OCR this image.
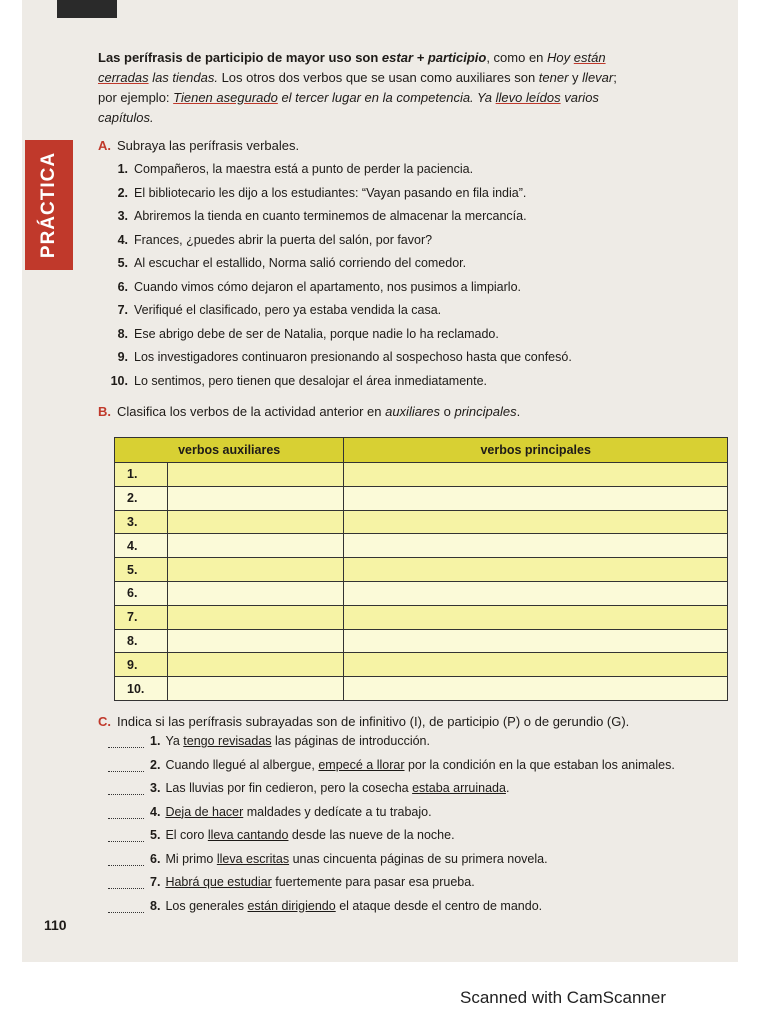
Las perífrasis de participio de mayor uso son estar + participio, como en Hoy están cerradas las tiendas. Los otros dos verbos que se usan como auxiliares son tener y llevar; por ejemplo: Tienen asegurado el tercer lugar en la competencia. Ya llevo leídos varios capítulos.
PRÁCTICA
A. Subraya las perífrasis verbales.
1. Compañeros, la maestra está a punto de perder la paciencia.
2. El bibliotecario les dijo a los estudiantes: “Vayan pasando en fila india”.
3. Abriremos la tienda en cuanto terminemos de almacenar la mercancía.
4. Frances, ¿puedes abrir la puerta del salón, por favor?
5. Al escuchar el estallido, Norma salió corriendo del comedor.
6. Cuando vimos cómo dejaron el apartamento, nos pusimos a limpiarlo.
7. Verifiqué el clasificado, pero ya estaba vendida la casa.
8. Ese abrigo debe de ser de Natalia, porque nadie lo ha reclamado.
9. Los investigadores continuaron presionando al sospechoso hasta que confesó.
10. Lo sentimos, pero tienen que desalojar el área inmediatamente.
B. Clasifica los verbos de la actividad anterior en auxiliares o principales.
verbos auxiliares		verbos principales
1.		
2.		
3.		
4.		
5.		
6.		
7.		
8.		
9.		
10.		
C. Indica si las perífrasis subrayadas son de infinitivo (I), de participio (P) o de gerundio (G).
1. Ya tengo revisadas las páginas de introducción.
2. Cuando llegué al albergue, empecé a llorar por la condición en la que estaban los animales.
3. Las lluvias por fin cedieron, pero la cosecha estaba arruinada.
4. Deja de hacer maldades y dedícate a tu trabajo.
5. El coro lleva cantando desde las nueve de la noche.
6. Mi primo lleva escritas unas cincuenta páginas de su primera novela.
7. Habrá que estudiar fuertemente para pasar esa prueba.
8. Los generales están dirigiendo el ataque desde el centro de mando.
110
Scanned with CamScanner
